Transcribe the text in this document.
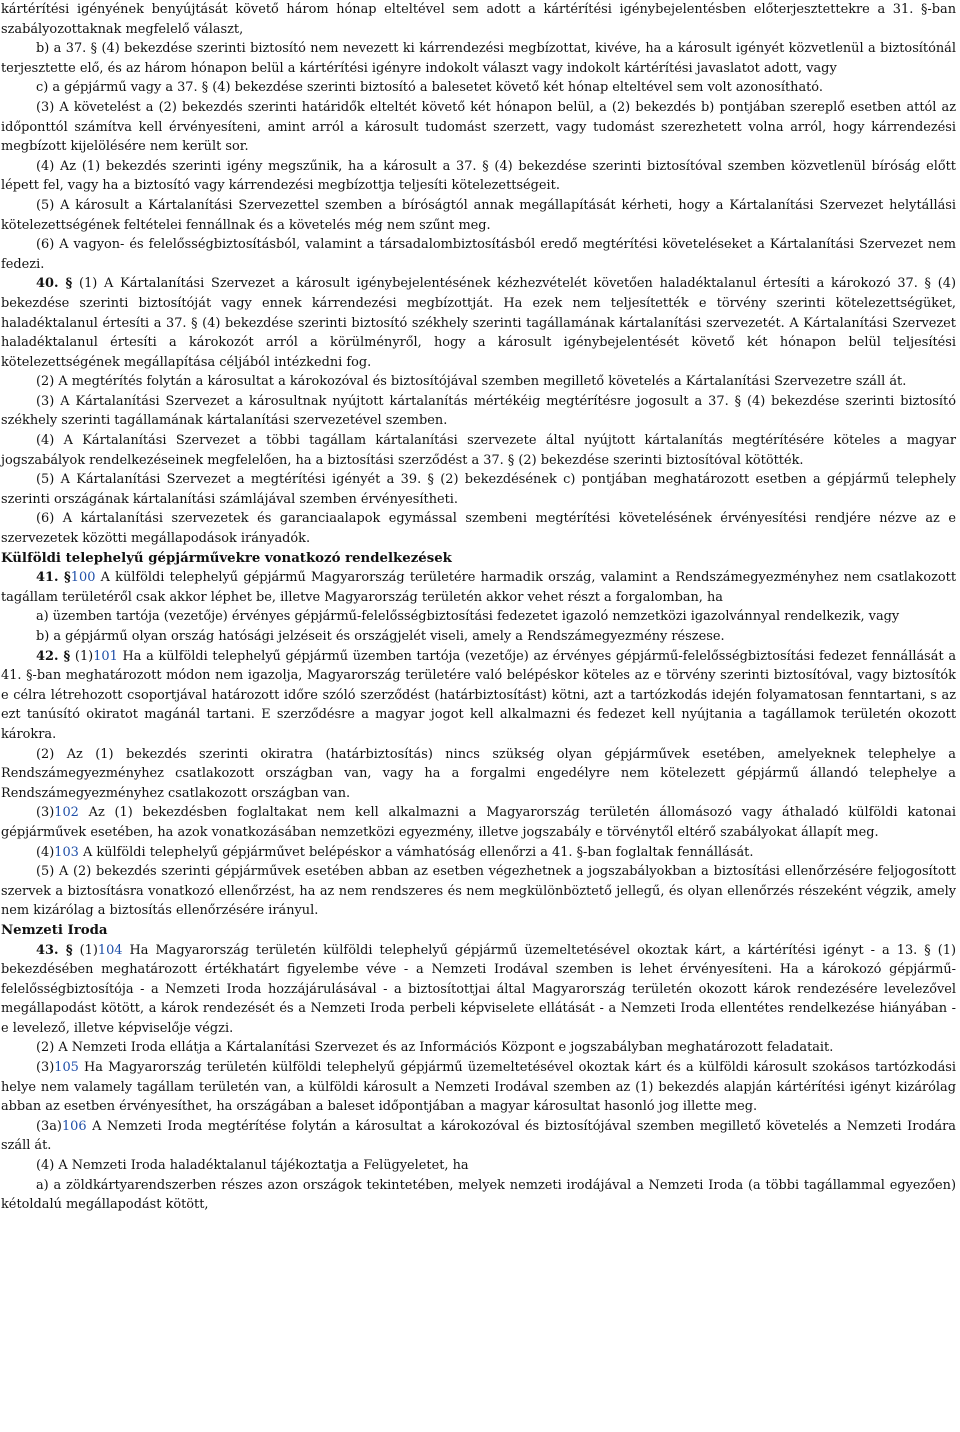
kártérítési igényének benyújtását követő három hónap elteltével sem adott a kártérítési igénybejelentésben előterjesztettekre a 31. §-ban szabályozottaknak megfelelő választ,

b) a 37. § (4) bekezdése szerinti biztosító nem nevezett ki kárrendezési megbízottat, kivéve, ha a károsult igényét közvetlenül a biztosítónál terjesztette elő, és az három hónapon belül a kártérítési igényre indokolt választ vagy indokolt kártérítési javaslatot adott, vagy

c) a gépjármű vagy a 37. § (4) bekezdése szerinti biztosító a balesetet követő két hónap elteltével sem volt azonosítható.

(3) A követelést a (2) bekezdés szerinti határidők elteltét követő két hónapon belül, a (2) bekezdés b) pontjában szereplő esetben attól az időponttól számítva kell érvényesíteni, amint arról a károsult tudomást szerzett, vagy tudomást szerezhetett volna arról, hogy kárrendezési megbízott kijelölésére nem került sor.

(4) Az (1) bekezdés szerinti igény megszűnik, ha a károsult a 37. § (4) bekezdése szerinti biztosítóval szemben közvetlenül bíróság előtt lépett fel, vagy ha a biztosító vagy kárrendezési megbízottja teljesíti kötelezettségeit.

(5) A károsult a Kártalanítási Szervezettel szemben a bíróságtól annak megállapítását kérheti, hogy a Kártalanítási Szervezet helytállási kötelezettségének feltételei fennállnak és a követelés még nem szűnt meg.

(6) A vagyon- és felelősségbiztosításból, valamint a társadalombiztosításból eredő megtérítési követeléseket a Kártalanítási Szervezet nem fedezi.

40. § (1) A Kártalanítási Szervezet a károsult igénybejelentésének kézhezvételét követően haladéktalanul értesíti a károkozó 37. § (4) bekezdése szerinti biztosítóját vagy ennek kárrendezési megbízottját. Ha ezek nem teljesítették e törvény szerinti kötelezettségüket, haladéktalanul értesíti a 37. § (4) bekezdése szerinti biztosító székhely szerinti tagállamának kártalanítási szervezetét. A Kártalanítási Szervezet haladéktalanul értesíti a károkozót arról a körülményről, hogy a károsult igénybejelentését követő két hónapon belül teljesítési kötelezettségének megállapítása céljából intézkedni fog.

(2) A megtérítés folytán a károsultat a károkozóval és biztosítójával szemben megillető követelés a Kártalanítási Szervezetre száll át.

(3) A Kártalanítási Szervezet a károsultnak nyújtott kártalanítás mértékéig megtérítésre jogosult a 37. § (4) bekezdése szerinti biztosító székhely szerinti tagállamának kártalanítási szervezetével szemben.

(4) A Kártalanítási Szervezet a többi tagállam kártalanítási szervezete által nyújtott kártalanítás megtérítésére köteles a magyar jogszabályok rendelkezéseinek megfelelően, ha a biztosítási szerződést a 37. § (2) bekezdése szerinti biztosítóval kötötték.

(5) A Kártalanítási Szervezet a megtérítési igényét a 39. § (2) bekezdésének c) pontjában meghatározott esetben a gépjármű telephely szerinti országának kártalanítási számlájával szemben érvényesítheti.

(6) A kártalanítási szervezetek és garanciaalapok egymással szembeni megtérítési követelésének érvényesítési rendjére nézve az e szervezetek közötti megállapodások irányadók.

Külföldi telephelyű gépjárművekre vonatkozó rendelkezések

41. §100 A külföldi telephelyű gépjármű Magyarország területére harmadik ország, valamint a Rendszámegyezményhez nem csatlakozott tagállam területéről csak akkor léphet be, illetve Magyarország területén akkor vehet részt a forgalomban, ha

a) üzemben tartója (vezetője) érvényes gépjármű-felelősségbiztosítási fedezetet igazoló nemzetközi igazolvánnyal rendelkezik, vagy

b) a gépjármű olyan ország hatósági jelzéseit és országjelét viseli, amely a Rendszámegyezmény részese.

42. § (1)101 Ha a külföldi telephelyű gépjármű üzemben tartója (vezetője) az érvényes gépjármű-felelősségbiztosítási fedezet fennállását a 41. §-ban meghatározott módon nem igazolja, Magyarország területére való belépéskor köteles az e törvény szerinti biztosítóval, vagy biztosítók e célra létrehozott csoportjával határozott időre szóló szerződést (határbiztosítást) kötni, azt a tartózkodás idején folyamatosan fenntartani, s az ezt tanúsító okiratot magánál tartani. E szerződésre a magyar jogot kell alkalmazni és fedezet kell nyújtania a tagállamok területén okozott károkra.

(2) Az (1) bekezdés szerinti okiratra (határbiztosítás) nincs szükség olyan gépjárművek esetében, amelyeknek telephelye a Rendszámegyezményhez csatlakozott országban van, vagy ha a forgalmi engedélyre nem kötelezett gépjármű állandó telephelye a Rendszámegyezményhez csatlakozott országban van.

(3)102 Az (1) bekezdésben foglaltakat nem kell alkalmazni a Magyarország területén állomásozó vagy áthaladó külföldi katonai gépjárművek esetében, ha azok vonatkozásában nemzetközi egyezmény, illetve jogszabály e törvénytől eltérő szabályokat állapít meg.

(4)103 A külföldi telephelyű gépjárművet belépéskor a vámhatóság ellenőrzi a 41. §-ban foglaltak fennállását.

(5) A (2) bekezdés szerinti gépjárművek esetében abban az esetben végezhetnek a jogszabályokban a biztosítási ellenőrzésére feljogosított szervek a biztosításra vonatkozó ellenőrzést, ha az nem rendszeres és nem megkülönböztető jellegű, és olyan ellenőrzés részeként végzik, amely nem kizárólag a biztosítás ellenőrzésére irányul.

Nemzeti Iroda

43. § (1)104 Ha Magyarország területén külföldi telephelyű gépjármű üzemeltetésével okoztak kárt, a kártérítési igényt - a 13. § (1) bekezdésében meghatározott értékhatárt figyelembe véve - a Nemzeti Irodával szemben is lehet érvényesíteni. Ha a károkozó gépjármű-felelősségbiztosítója - a Nemzeti Iroda hozzájárulásával - a biztosítottjai által Magyarország területén okozott károk rendezésére levelezővel megállapodást kötött, a károk rendezését és a Nemzeti Iroda perbeli képviselete ellátását - a Nemzeti Iroda ellentétes rendelkezése hiányában - e levelező, illetve képviselője végzi.

(2) A Nemzeti Iroda ellátja a Kártalanítási Szervezet és az Információs Központ e jogszabályban meghatározott feladatait.

(3)105 Ha Magyarország területén külföldi telephelyű gépjármű üzemeltetésével okoztak kárt és a külföldi károsult szokásos tartózkodási helye nem valamely tagállam területén van, a külföldi károsult a Nemzeti Irodával szemben az (1) bekezdés alapján kártérítési igényt kizárólag abban az esetben érvényesíthet, ha országában a baleset időpontjában a magyar károsultat hasonló jog illette meg.

(3a)106 A Nemzeti Iroda megtérítése folytán a károsultat a károkozóval és biztosítójával szemben megillető követelés a Nemzeti Irodára száll át.

(4) A Nemzeti Iroda haladéktalanul tájékoztatja a Felügyeletet, ha

a) a zöldkártyarendszerben részes azon országok tekintetében, melyek nemzeti irodájával a Nemzeti Iroda (a többi tagállammal egyezően) kétoldalú megállapodást kötött,
